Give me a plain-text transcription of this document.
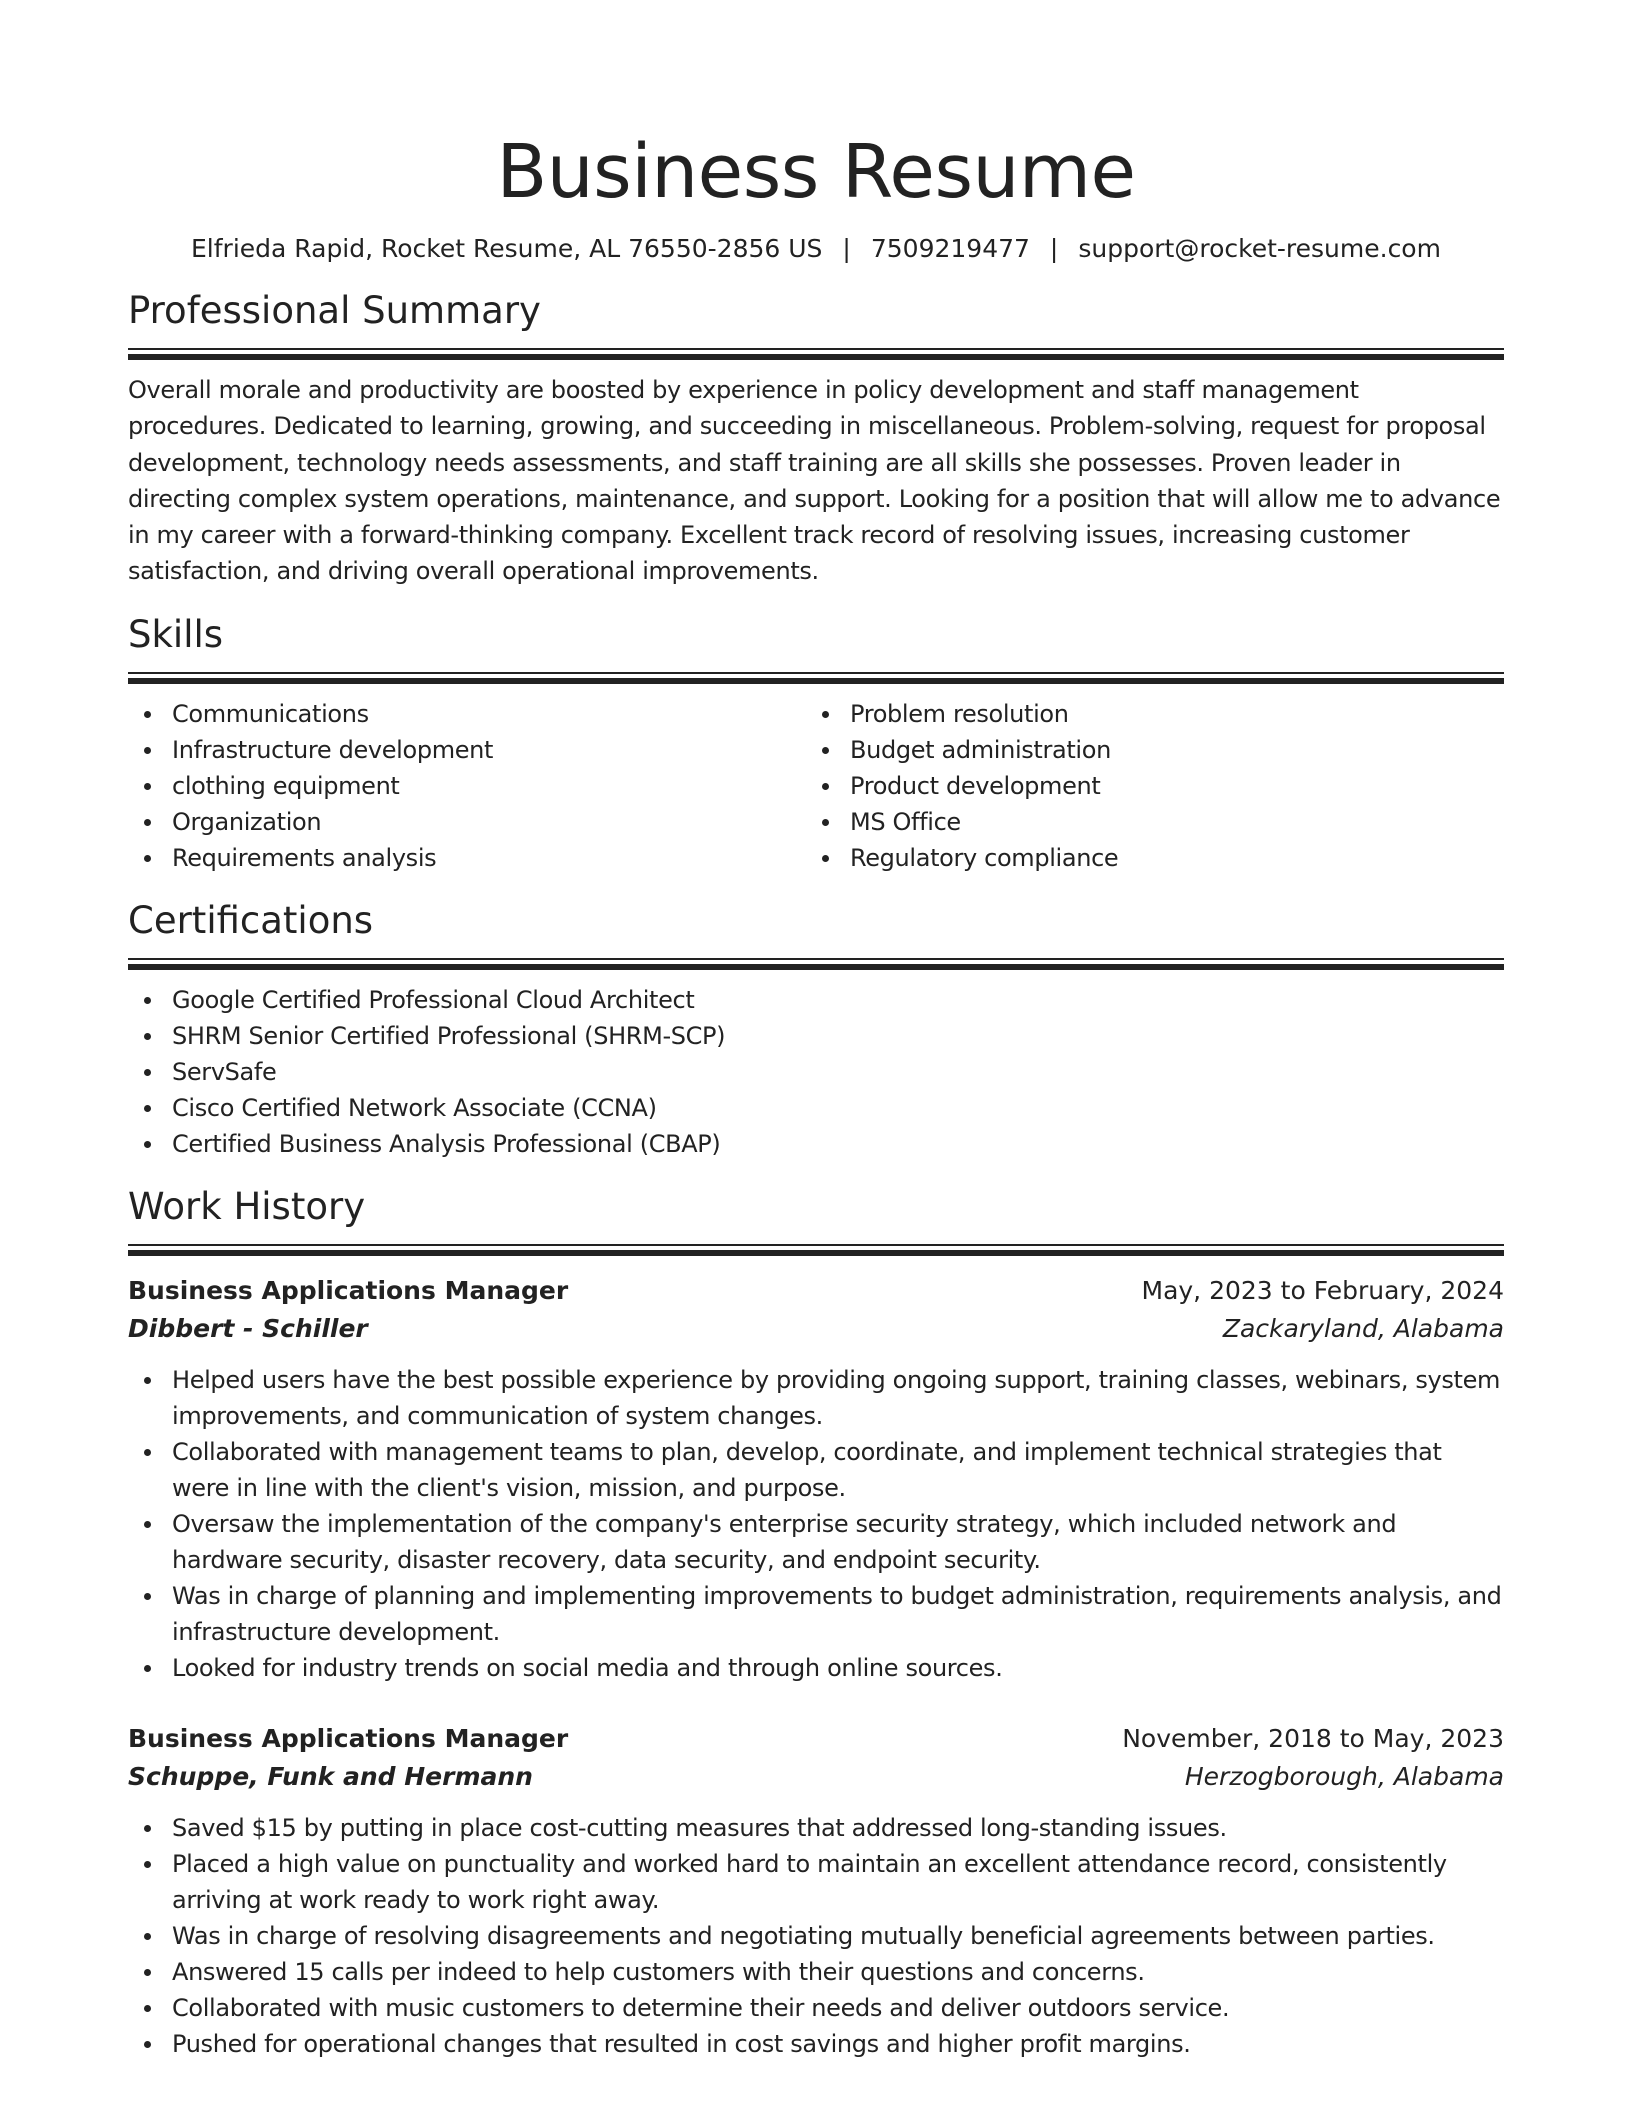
Business Resume
Elfrieda Rapid, Rocket Resume, AL 76550-2856 US | 7509219477 | support@rocket-resume.com
Professional Summary

Overall morale and productivity are boosted by experience in policy development and staff management procedures. Dedicated to learning, growing, and succeeding in miscellaneous. Problem-solving, request for proposal development, technology needs assessments, and staff training are all skills she possesses. Proven leader in directing complex system operations, maintenance, and support. Looking for a position that will allow me to advance in my career with a forward-thinking company. Excellent track record of resolving issues, increasing customer satisfaction, and driving overall operational improvements.

Skills
Communications
Infrastructure development
clothing equipment
Organization
Requirements analysis
Problem resolution
Budget administration
Product development
MS Office
Regulatory compliance
Certifications
Google Certified Professional Cloud Architect
SHRM Senior Certified Professional (SHRM-SCP)
ServSafe
Cisco Certified Network Associate (CCNA)
Certified Business Analysis Professional (CBAP)
Work History
Business Applications Manager	May, 2023 to February, 2024
Dibbert - Schiller	Zackaryland, Alabama
Helped users have the best possible experience by providing ongoing support, training classes, webinars, system improvements, and communication of system changes.
Collaborated with management teams to plan, develop, coordinate, and implement technical strategies that were in line with the client's vision, mission, and purpose.
Oversaw the implementation of the company's enterprise security strategy, which included network and hardware security, disaster recovery, data security, and endpoint security.
Was in charge of planning and implementing improvements to budget administration, requirements analysis, and infrastructure development.
Looked for industry trends on social media and through online sources.
Business Applications Manager	November, 2018 to May, 2023
Schuppe, Funk and Hermann	Herzogborough, Alabama
Saved $15 by putting in place cost-cutting measures that addressed long-standing issues.
Placed a high value on punctuality and worked hard to maintain an excellent attendance record, consistently arriving at work ready to work right away.
Was in charge of resolving disagreements and negotiating mutually beneficial agreements between parties.
Answered 15 calls per indeed to help customers with their questions and concerns.
Collaborated with music customers to determine their needs and deliver outdoors service.
Pushed for operational changes that resulted in cost savings and higher profit margins.
